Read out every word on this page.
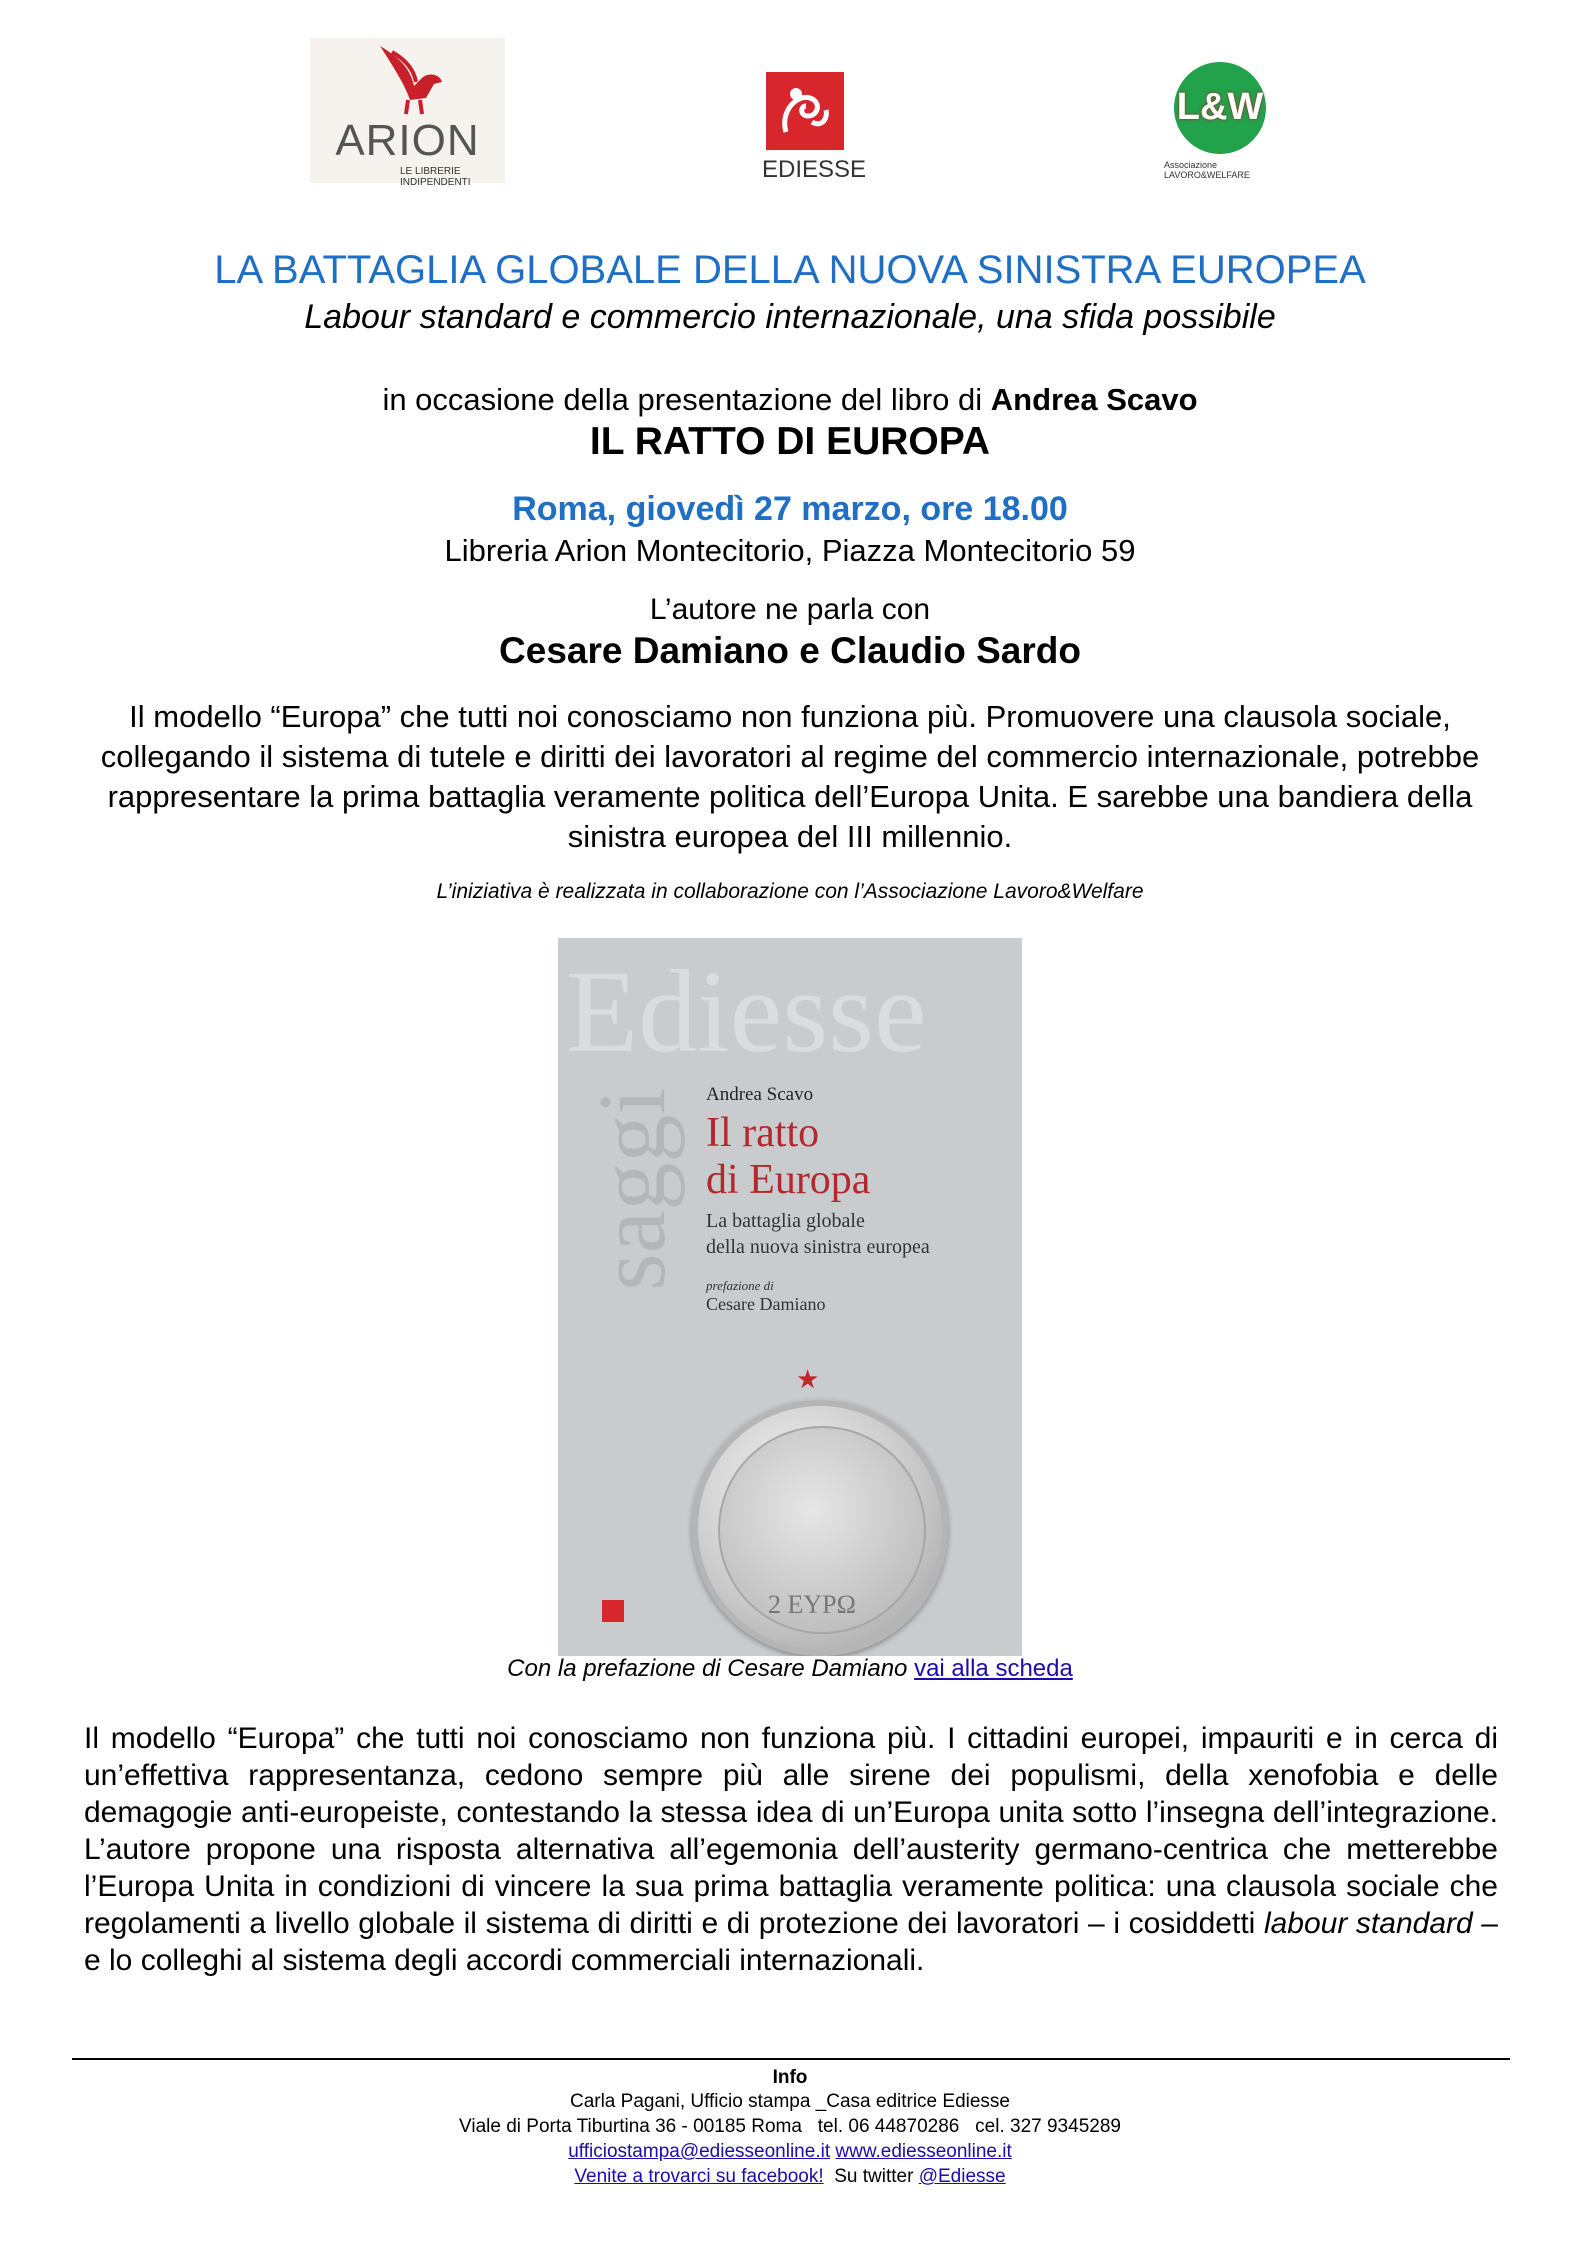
ARION
LE LIBRERIE INDIPENDENTI	EDIESSE
L&W
Associazione LAVORO&WELFARE
LA BATTAGLIA GLOBALE DELLA NUOVA SINISTRA EUROPEA
Labour standard e commercio internazionale, una sfida possibile
in occasione della presentazione del libro di Andrea Scavo
IL RATTO DI EUROPA
Roma, giovedì 27 marzo, ore 18.00
Libreria Arion Montecitorio, Piazza Montecitorio 59
L’autore ne parla con
Cesare Damiano e Claudio Sardo
Il modello “Europa” che tutti noi conosciamo non funziona più. Promuovere una clausola sociale, collegando il sistema di tutele e diritti dei lavoratori al regime del commercio internazionale, potrebbe rappresentare la prima battaglia veramente politica dell’Europa Unita. E sarebbe una bandiera della sinistra europea del III millennio.
L’iniziativa è realizzata in collaborazione con l’Associazione Lavoro&Welfare
Ediesse
saggi Andrea Scavo
Il ratto
di Europa
La battaglia globale
della nuova sinistra europea
prefazione di
Cesare Damiano
★
2 ΕΥΡΩ
Con la prefazione di Cesare Damiano vai alla scheda
Il modello “Europa” che tutti noi conosciamo non funziona più. I cittadini europei, impauriti e in cerca di un’effettiva rappresentanza, cedono sempre più alle sirene dei populismi, della xenofobia e delle demagogie anti-europeiste, contestando la stessa idea di un’Europa unita sotto l’insegna dell’integrazione. L’autore propone una risposta alternativa all’egemonia dell’austerity germano-centrica che metterebbe l’Europa Unita in condizioni di vincere la sua prima battaglia veramente politica: una clausola sociale che regolamenti a livello globale il sistema di diritti e di protezione dei lavoratori – i cosiddetti labour standard – e lo colleghi al sistema degli accordi commerciali internazionali.
Info
Carla Pagani, Ufficio stampa _Casa editrice Ediesse
Viale di Porta Tiburtina 36 - 00185 Roma   tel. 06 44870286   cel. 327 9345289
ufficiostampa@ediesseonline.it www.ediesseonline.it
Venite a trovarci su facebook! Su twitter @Ediesse
